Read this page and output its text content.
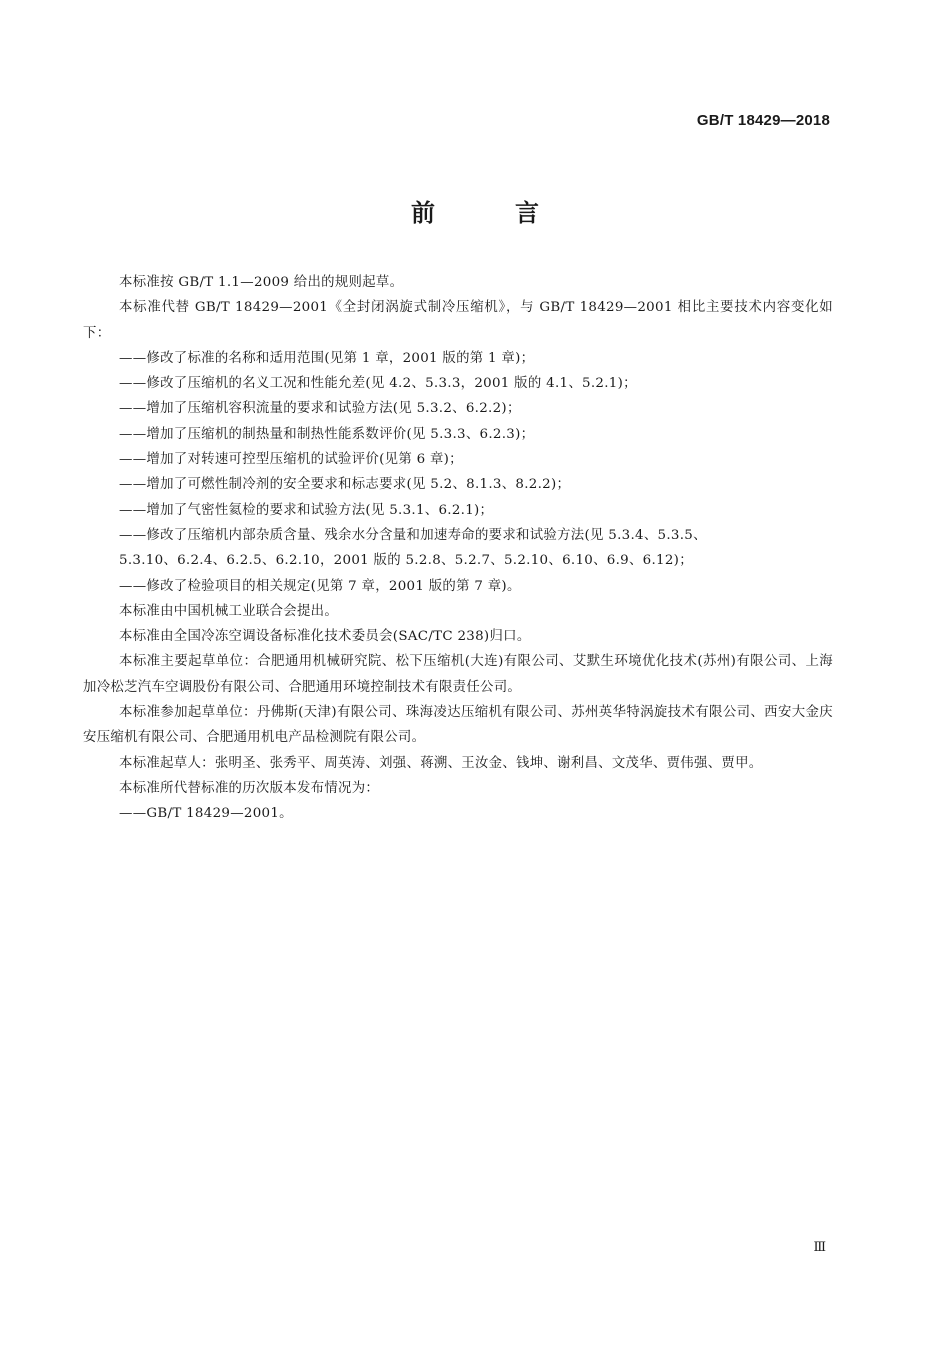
GB/T 18429—2018
前　言

本标准按 GB/T 1.1—2009 给出的规则起草。

本标准代替 GB/T 18429—2001《全封闭涡旋式制冷压缩机》，与 GB/T 18429—2001 相比主要技术内容变化如下：

——修改了标准的名称和适用范围(见第 1 章，2001 版的第 1 章)；

——修改了压缩机的名义工况和性能允差(见 4.2、5.3.3，2001 版的 4.1、5.2.1)；

——增加了压缩机容积流量的要求和试验方法(见 5.3.2、6.2.2)；

——增加了压缩机的制热量和制热性能系数评价(见 5.3.3、6.2.3)；

——增加了对转速可控型压缩机的试验评价(见第 6 章)；

——增加了可燃性制冷剂的安全要求和标志要求(见 5.2、8.1.3、8.2.2)；

——增加了气密性氦检的要求和试验方法(见 5.3.1、6.2.1)；

——修改了压缩机内部杂质含量、残余水分含量和加速寿命的要求和试验方法(见 5.3.4、5.3.5、
5.3.10、6.2.4、6.2.5、6.2.10，2001 版的 5.2.8、5.2.7、5.2.10、6.10、6.9、6.12)；

——修改了检验项目的相关规定(见第 7 章，2001 版的第 7 章)。

本标准由中国机械工业联合会提出。

本标准由全国冷冻空调设备标准化技术委员会(SAC/TC 238)归口。

本标准主要起草单位：合肥通用机械研究院、松下压缩机(大连)有限公司、艾默生环境优化技术(苏州)有限公司、上海加冷松芝汽车空调股份有限公司、合肥通用环境控制技术有限责任公司。

本标准参加起草单位：丹佛斯(天津)有限公司、珠海凌达压缩机有限公司、苏州英华特涡旋技术有限公司、西安大金庆安压缩机有限公司、合肥通用机电产品检测院有限公司。

本标准起草人：张明圣、张秀平、周英涛、刘强、蒋溯、王汝金、钱坤、谢利昌、文茂华、贾伟强、贾甲。

本标准所代替标准的历次版本发布情况为：

——GB/T 18429—2001。

Ⅲ
